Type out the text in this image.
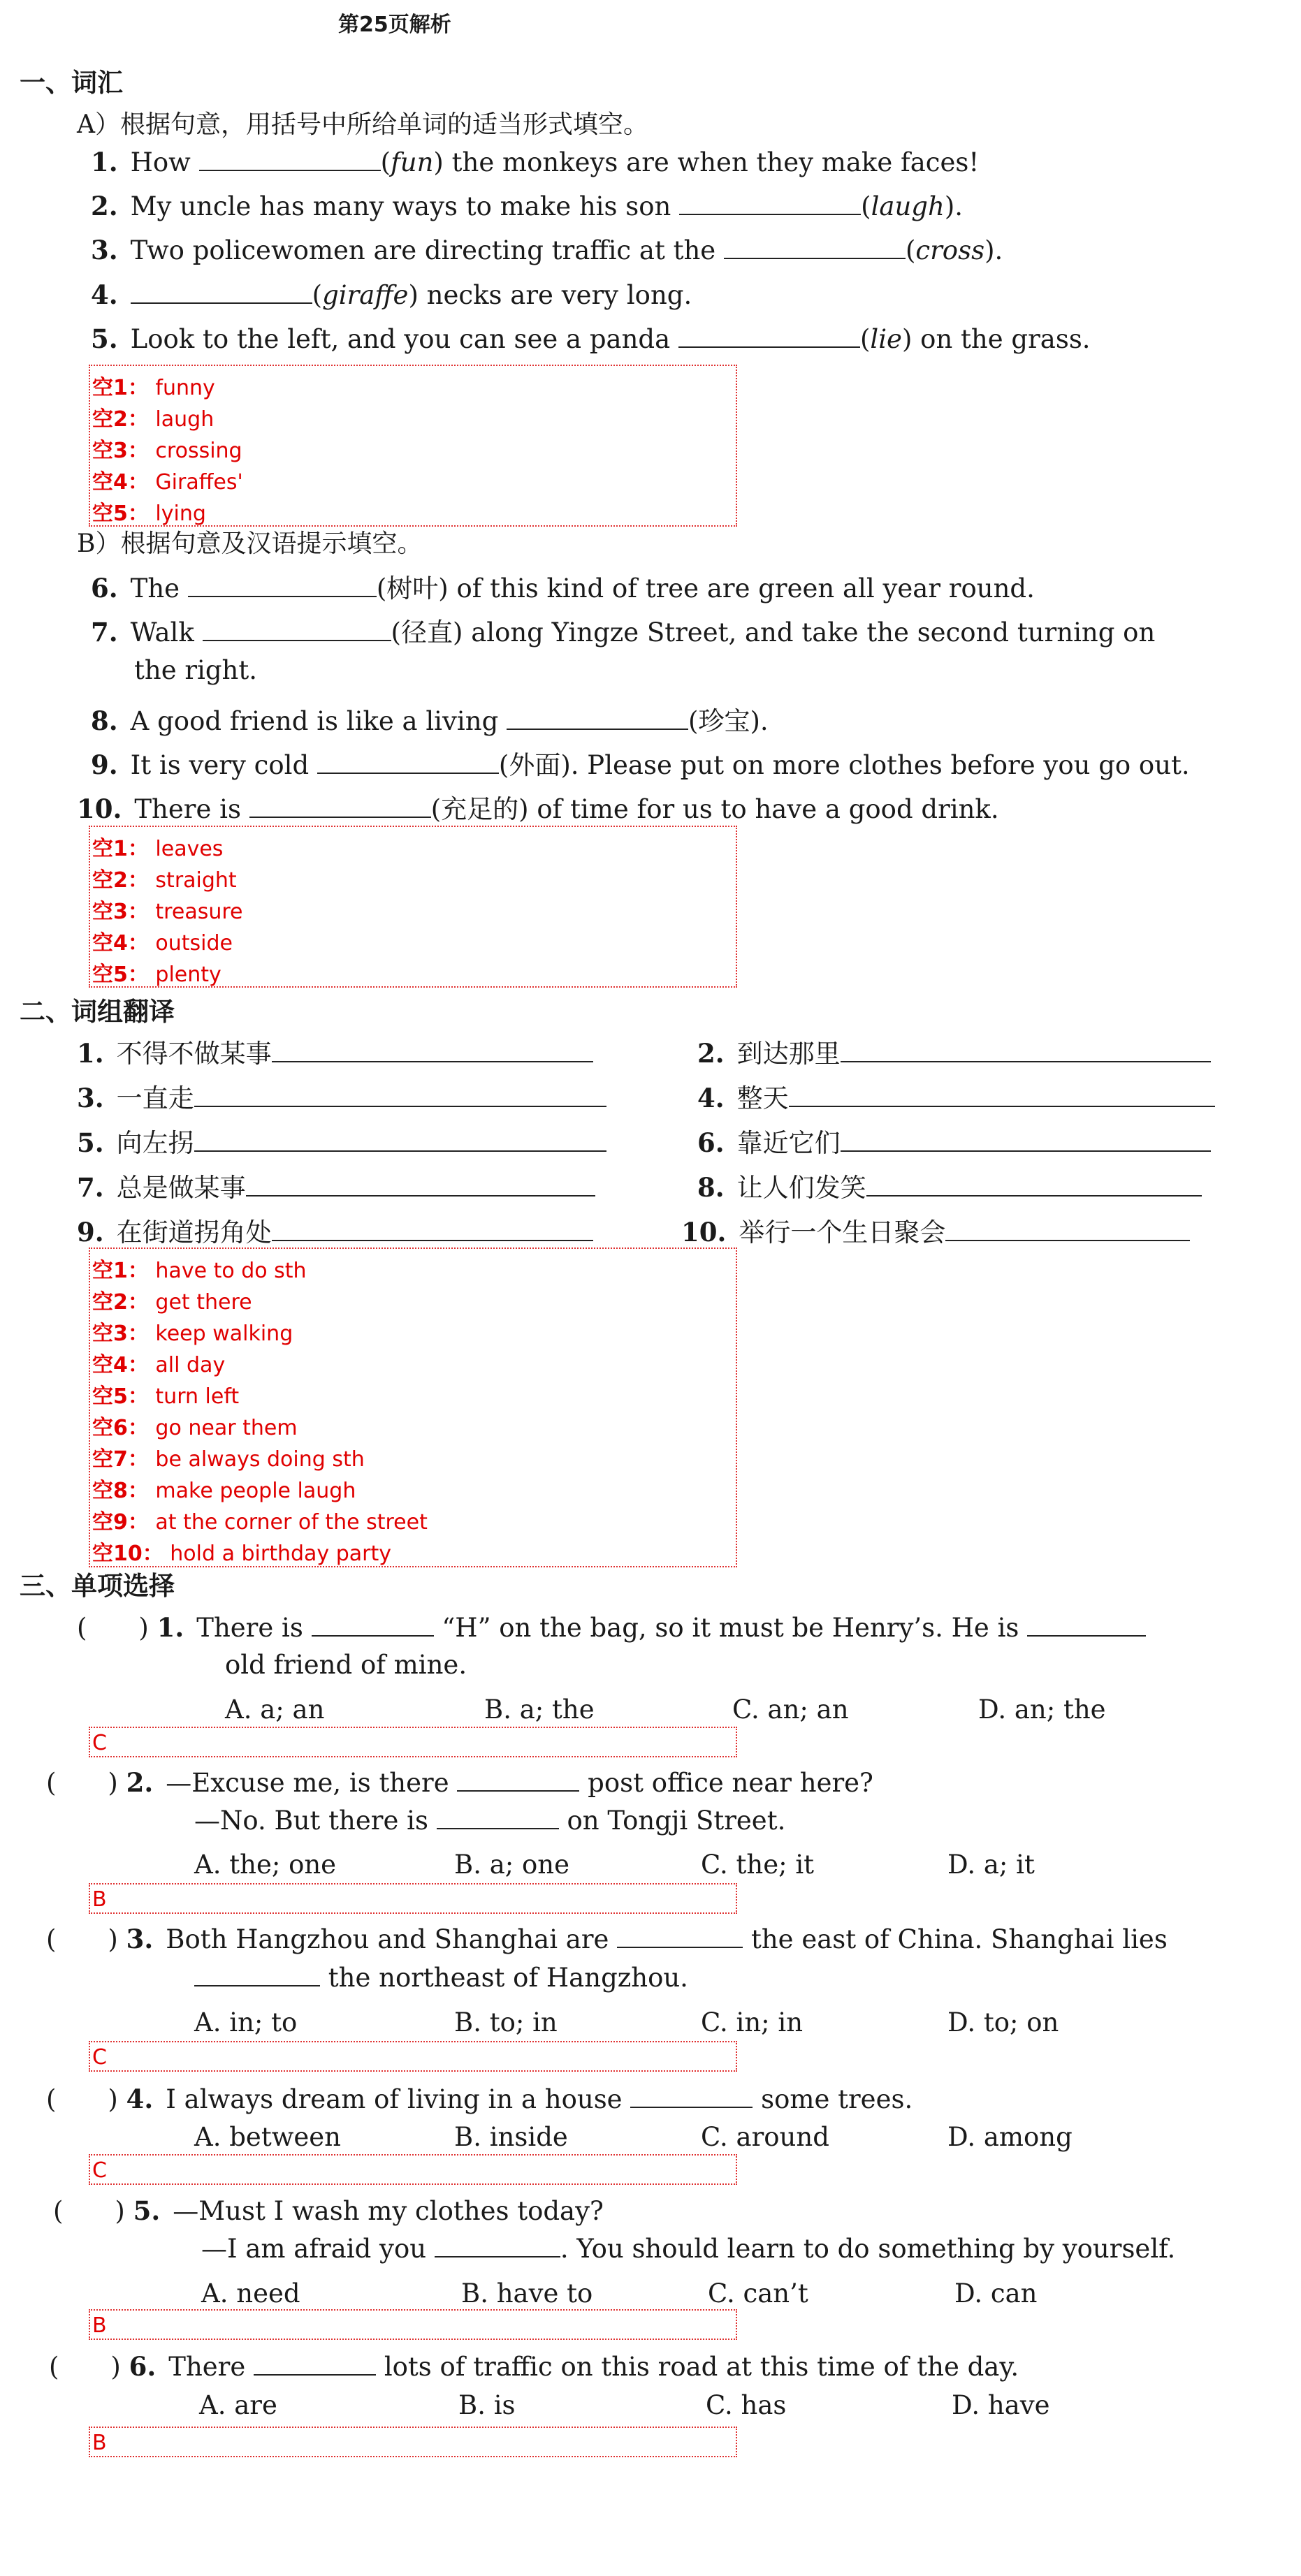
第25页解析
一、词汇
A）根据句意，用括号中所给单词的适当形式填空。
1. How	(fun) the monkeys are when they make faces!
2. My uncle has many ways to make his son	(laugh).
3. Two policewomen are directing traffic at the	(cross).
4.	(giraffe) necks are very long.
5. Look to the left, and you can see a panda	(lie) on the grass.
空1： funny
空2： laugh
空3： crossing
空4： Giraffes'
空5： lying
B）根据句意及汉语提示填空。
6. The	(树叶) of this kind of tree are green all year round.
7. Walk	(径直) along Yingze Street, and take the second turning on
the right.
8. A good friend is like a living	(珍宝).
9. It is very cold	(外面). Please put on more clothes before you go out.
10. There is	(充足的) of time for us to have a good drink.
空1： leaves
空2： straight
空3： treasure
空4： outside
空5： plenty
二、词组翻译
1. 不得不做某事	2. 到达那里
3. 一直走	4. 整天
5. 向左拐	6. 靠近它们
7. 总是做某事	8. 让人们发笑
9. 在街道拐角处	10. 举行一个生日聚会
空1： have to do sth
空2： get there
空3： keep walking
空4： all day
空5： turn left
空6： go near them
空7： be always doing sth
空8： make people laugh
空9： at the corner of the street
空10： hold a birthday party
三、单项选择
(　　) 1. There is	“H” on the bag, so it must be Henry’s. He is
old friend of mine.
A. a; an	B. a; the	C. an; an	D. an; the
C
(　　) 2. —Excuse me, is there	post office near here?
—No. But there is	on Tongji Street.
A. the; one	B. a; one	C. the; it	D. a; it
B
(　　) 3. Both Hangzhou and Shanghai are	the east of China. Shanghai lies
the northeast of Hangzhou.
A. in; to	B. to; in	C. in; in	D. to; on
C
(　　) 4. I always dream of living in a house	some trees.
A. between	B. inside	C. around	D. among
C
(　　) 5. —Must I wash my clothes today?
—I am afraid you	. You should learn to do something by yourself.
A. need	B. have to	C. can’t	D. can
B
(　　) 6. There	lots of traffic on this road at this time of the day.
A. are	B. is	C. has	D. have
B
